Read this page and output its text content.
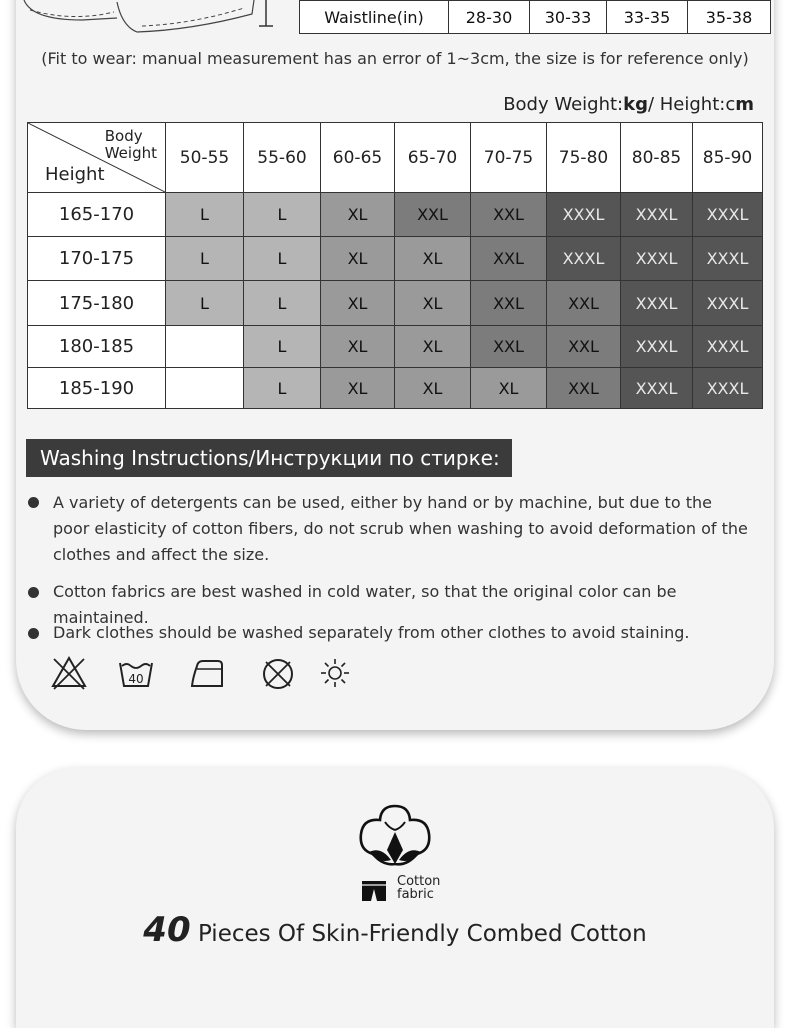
Waistline(in)	28-30	30-33	33-35	35-38
(Fit to wear: manual measurement has an error of 1~3cm, the size is for reference only)
Body Weight:kg/ Height:cm
Body
Weight
Height	50-55	55-60	60-65	65-70	70-75	75-80	80-85	85-90
165-170	L	L	XL	XXL	XXL	XXXL	XXXL	XXXL
170-175	L	L	XL	XL	XXL	XXXL	XXXL	XXXL
175-180	L	L	XL	XL	XXL	XXL	XXXL	XXXL
180-185		L	XL	XL	XXL	XXL	XXXL	XXXL
185-190		L	XL	XL	XL	XXL	XXXL	XXXL
Washing Instructions/Инструкции по стирке:
A variety of detergents can be used, either by hand or by machine, but due to the poor elasticity of cotton fibers, do not scrub when washing to avoid deformation of the clothes and affect the size.
Cotton fabrics are best washed in cold water, so that the original color can be maintained.
Dark clothes should be washed separately from other clothes to avoid staining.
40
Cotton
fabric
40 Pieces Of Skin-Friendly Combed Cotton
